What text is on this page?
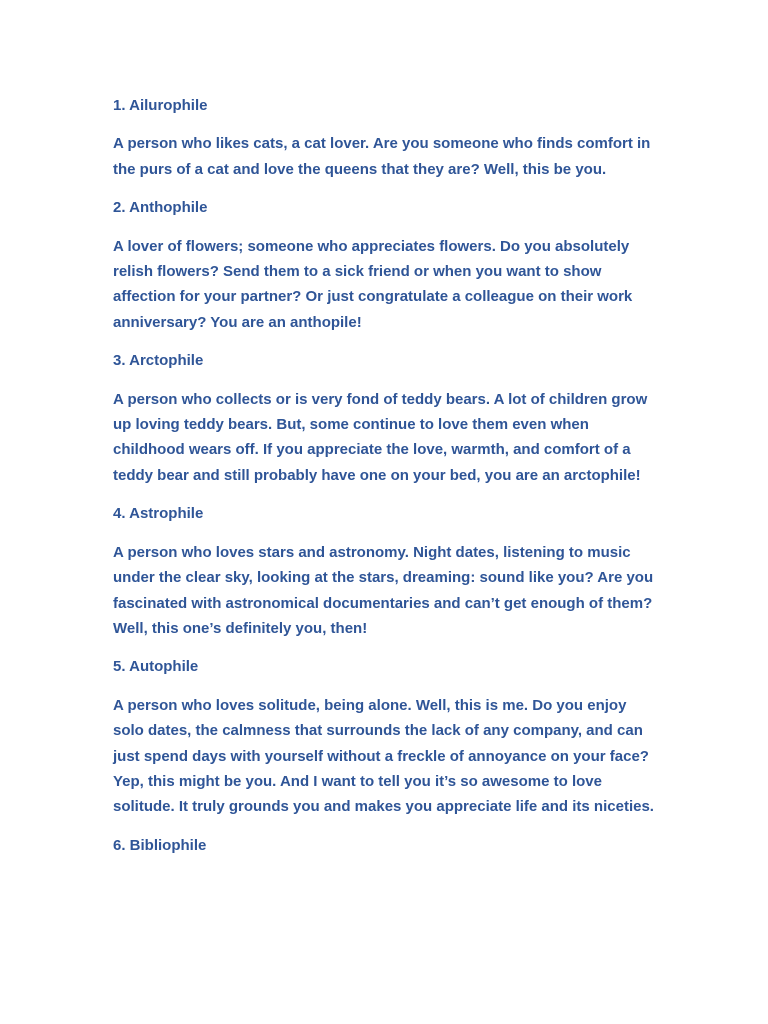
1. Ailurophile

A person who likes cats, a cat lover. Are you someone who finds comfort in the purs of a cat and love the queens that they are? Well, this be you.

2. Anthophile

A lover of flowers; someone who appreciates flowers. Do you absolutely relish flowers? Send them to a sick friend or when you want to show affection for your partner? Or just congratulate a colleague on their work anniversary? You are an anthopile!

3. Arctophile

A person who collects or is very fond of teddy bears. A lot of children grow up loving teddy bears. But, some continue to love them even when childhood wears off. If you appreciate the love, warmth, and comfort of a teddy bear and still probably have one on your bed, you are an arctophile!

4. Astrophile

A person who loves stars and astronomy. Night dates, listening to music under the clear sky, looking at the stars, dreaming: sound like you? Are you fascinated with astronomical documentaries and can’t get enough of them? Well, this one’s definitely you, then!

5. Autophile

A person who loves solitude, being alone. Well, this is me. Do you enjoy solo dates, the calmness that surrounds the lack of any company, and can just spend days with yourself without a freckle of annoyance on your face? Yep, this might be you. And I want to tell you it’s so awesome to love solitude. It truly grounds you and makes you appreciate life and its niceties.

6. Bibliophile
